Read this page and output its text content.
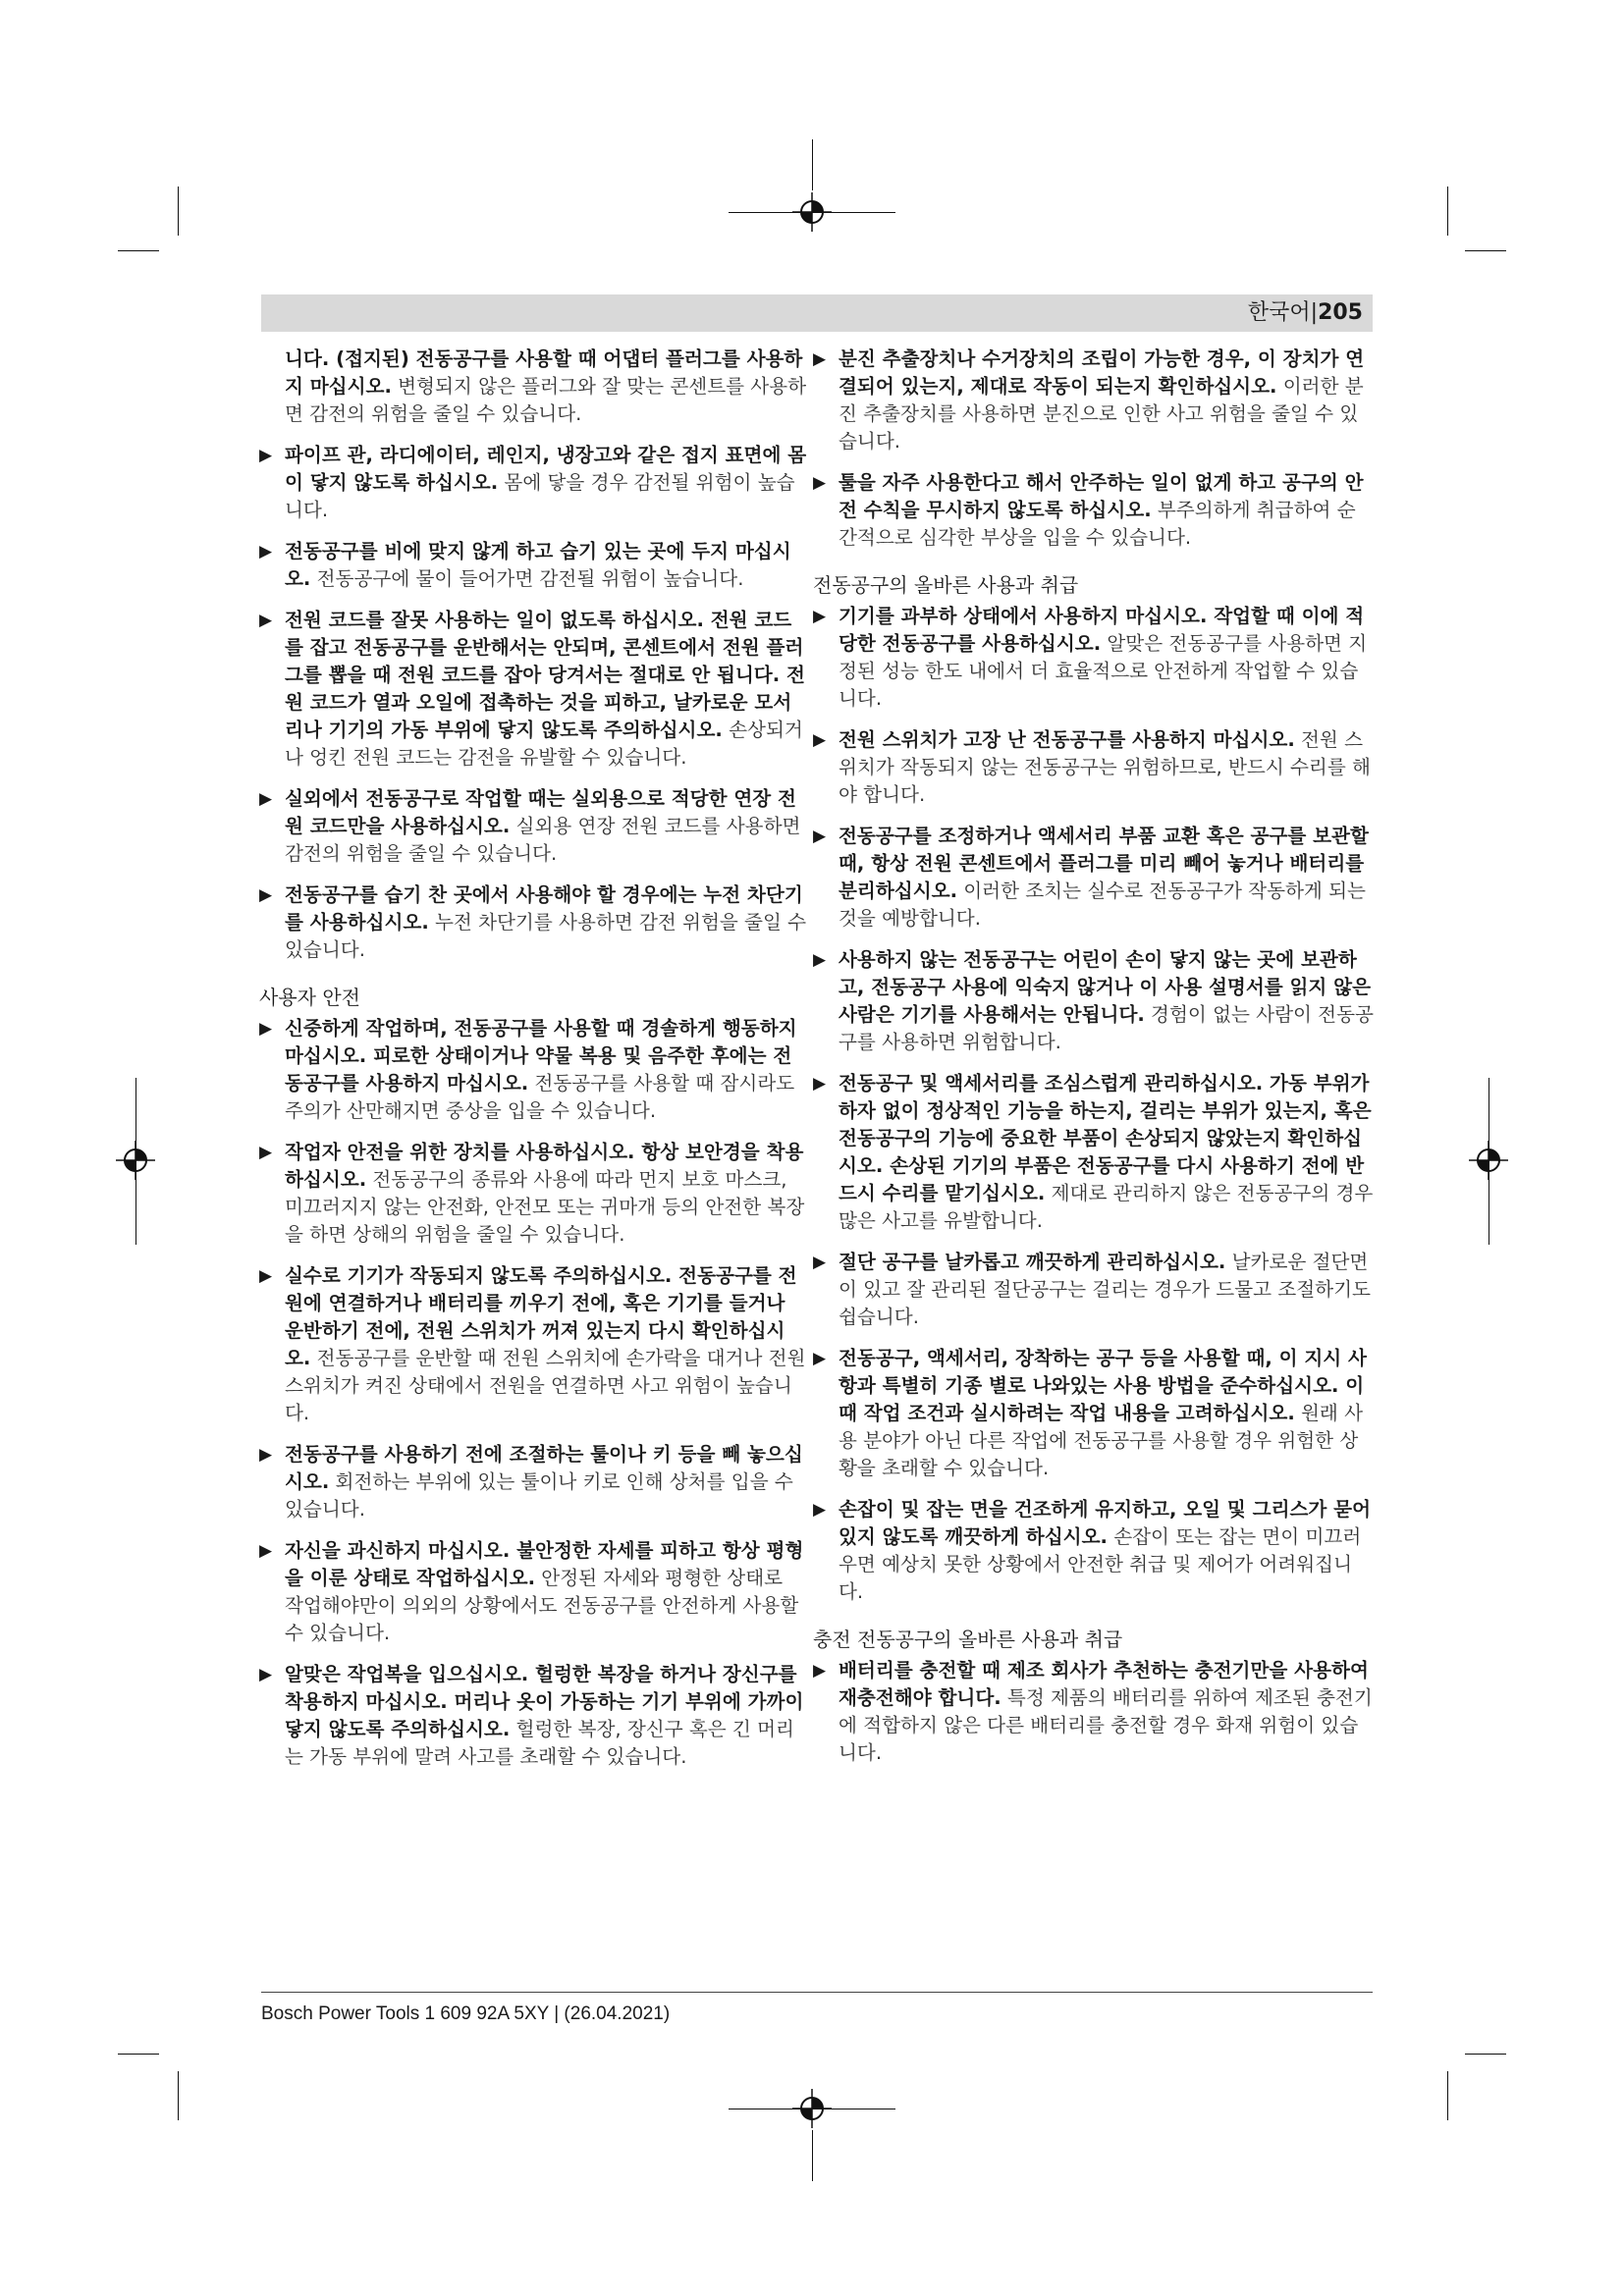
한국어|205
니다. (접지된) 전동공구를 사용할 때 어댑터 플러그를 사용하지 마십시오. 변형되지 않은 플러그와 잘 맞는 콘센트를 사용하면 감전의 위험을 줄일 수 있습니다.
▶ 파이프 관, 라디에이터, 레인지, 냉장고와 같은 접지 표면에 몸이 닿지 않도록 하십시오. 몸에 닿을 경우 감전될 위험이 높습니다.
▶ 전동공구를 비에 맞지 않게 하고 습기 있는 곳에 두지 마십시오. 전동공구에 물이 들어가면 감전될 위험이 높습니다.
▶ 전원 코드를 잘못 사용하는 일이 없도록 하십시오. 전원 코드를 잡고 전동공구를 운반해서는 안되며, 콘센트에서 전원 플러그를 뽑을 때 전원 코드를 잡아 당겨서는 절대로 안 됩니다. 전원 코드가 열과 오일에 접촉하는 것을 피하고, 날카로운 모서리나 기기의 가동 부위에 닿지 않도록 주의하십시오. 손상되거나 엉킨 전원 코드는 감전을 유발할 수 있습니다.
▶ 실외에서 전동공구로 작업할 때는 실외용으로 적당한 연장 전원 코드만을 사용하십시오. 실외용 연장 전원 코드를 사용하면 감전의 위험을 줄일 수 있습니다.
▶ 전동공구를 습기 찬 곳에서 사용해야 할 경우에는 누전 차단기를 사용하십시오. 누전 차단기를 사용하면 감전 위험을 줄일 수 있습니다.
사용자 안전
▶ 신중하게 작업하며, 전동공구를 사용할 때 경솔하게 행동하지 마십시오. 피로한 상태이거나 약물 복용 및 음주한 후에는 전동공구를 사용하지 마십시오. 전동공구를 사용할 때 잠시라도 주의가 산만해지면 중상을 입을 수 있습니다.
▶ 작업자 안전을 위한 장치를 사용하십시오. 항상 보안경을 착용하십시오. 전동공구의 종류와 사용에 따라 먼지 보호 마스크, 미끄러지지 않는 안전화, 안전모 또는 귀마개 등의 안전한 복장을 하면 상해의 위험을 줄일 수 있습니다.
▶ 실수로 기기가 작동되지 않도록 주의하십시오. 전동공구를 전원에 연결하거나 배터리를 끼우기 전에, 혹은 기기를 들거나 운반하기 전에, 전원 스위치가 꺼져 있는지 다시 확인하십시오. 전동공구를 운반할 때 전원 스위치에 손가락을 대거나 전원 스위치가 켜진 상태에서 전원을 연결하면 사고 위험이 높습니다.
▶ 전동공구를 사용하기 전에 조절하는 툴이나 키 등을 빼 놓으십시오. 회전하는 부위에 있는 툴이나 키로 인해 상처를 입을 수 있습니다.
▶ 자신을 과신하지 마십시오. 불안정한 자세를 피하고 항상 평형을 이룬 상태로 작업하십시오. 안정된 자세와 평형한 상태로 작업해야만이 의외의 상황에서도 전동공구를 안전하게 사용할 수 있습니다.
▶ 알맞은 작업복을 입으십시오. 헐렁한 복장을 하거나 장신구를 착용하지 마십시오. 머리나 옷이 가동하는 기기 부위에 가까이 닿지 않도록 주의하십시오. 헐렁한 복장, 장신구 혹은 긴 머리는 가동 부위에 말려 사고를 초래할 수 있습니다.
▶ 분진 추출장치나 수거장치의 조립이 가능한 경우, 이 장치가 연결되어 있는지, 제대로 작동이 되는지 확인하십시오. 이러한 분진 추출장치를 사용하면 분진으로 인한 사고 위험을 줄일 수 있습니다.
▶ 툴을 자주 사용한다고 해서 안주하는 일이 없게 하고 공구의 안전 수칙을 무시하지 않도록 하십시오. 부주의하게 취급하여 순간적으로 심각한 부상을 입을 수 있습니다.
전동공구의 올바른 사용과 취급
▶ 기기를 과부하 상태에서 사용하지 마십시오. 작업할 때 이에 적당한 전동공구를 사용하십시오. 알맞은 전동공구를 사용하면 지정된 성능 한도 내에서 더 효율적으로 안전하게 작업할 수 있습니다.
▶ 전원 스위치가 고장 난 전동공구를 사용하지 마십시오. 전원 스위치가 작동되지 않는 전동공구는 위험하므로, 반드시 수리를 해야 합니다.
▶ 전동공구를 조정하거나 액세서리 부품 교환 혹은 공구를 보관할 때, 항상 전원 콘센트에서 플러그를 미리 빼어 놓거나 배터리를 분리하십시오. 이러한 조치는 실수로 전동공구가 작동하게 되는 것을 예방합니다.
▶ 사용하지 않는 전동공구는 어린이 손이 닿지 않는 곳에 보관하고, 전동공구 사용에 익숙지 않거나 이 사용 설명서를 읽지 않은 사람은 기기를 사용해서는 안됩니다. 경험이 없는 사람이 전동공구를 사용하면 위험합니다.
▶ 전동공구 및 액세서리를 조심스럽게 관리하십시오. 가동 부위가 하자 없이 정상적인 기능을 하는지, 걸리는 부위가 있는지, 혹은 전동공구의 기능에 중요한 부품이 손상되지 않았는지 확인하십시오. 손상된 기기의 부품은 전동공구를 다시 사용하기 전에 반드시 수리를 맡기십시오. 제대로 관리하지 않은 전동공구의 경우 많은 사고를 유발합니다.
▶ 절단 공구를 날카롭고 깨끗하게 관리하십시오. 날카로운 절단면이 있고 잘 관리된 절단공구는 걸리는 경우가 드물고 조절하기도 쉽습니다.
▶ 전동공구, 액세서리, 장착하는 공구 등을 사용할 때, 이 지시 사항과 특별히 기종 별로 나와있는 사용 방법을 준수하십시오. 이때 작업 조건과 실시하려는 작업 내용을 고려하십시오. 원래 사용 분야가 아닌 다른 작업에 전동공구를 사용할 경우 위험한 상황을 초래할 수 있습니다.
▶ 손잡이 및 잡는 면을 건조하게 유지하고, 오일 및 그리스가 묻어 있지 않도록 깨끗하게 하십시오. 손잡이 또는 잡는 면이 미끄러우면 예상치 못한 상황에서 안전한 취급 및 제어가 어려워집니다.
충전 전동공구의 올바른 사용과 취급
▶ 배터리를 충전할 때 제조 회사가 추천하는 충전기만을 사용하여 재충전해야 합니다. 특정 제품의 배터리를 위하여 제조된 충전기에 적합하지 않은 다른 배터리를 충전할 경우 화재 위험이 있습니다.
Bosch Power Tools 1 609 92A 5XY | (26.04.2021)
